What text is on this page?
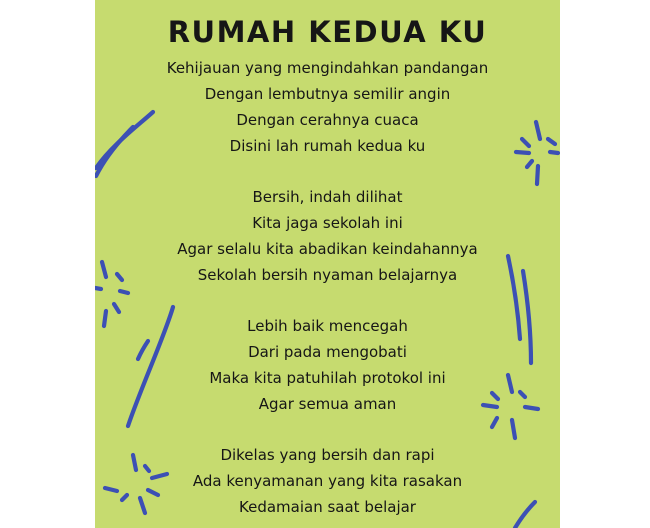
RUMAH KEDUA KU
Kehijauan yang mengindahkan pandangan
Dengan lembutnya semilir angin
Dengan cerahnya cuaca
Disini lah rumah kedua ku
Bersih, indah dilihat
Kita jaga sekolah ini
Agar selalu kita abadikan keindahannya
Sekolah bersih nyaman belajarnya
Lebih baik mencegah
Dari pada mengobati
Maka kita patuhilah protokol ini
Agar semua aman
Dikelas yang bersih dan rapi
Ada kenyamanan yang kita rasakan
Kedamaian saat belajar
